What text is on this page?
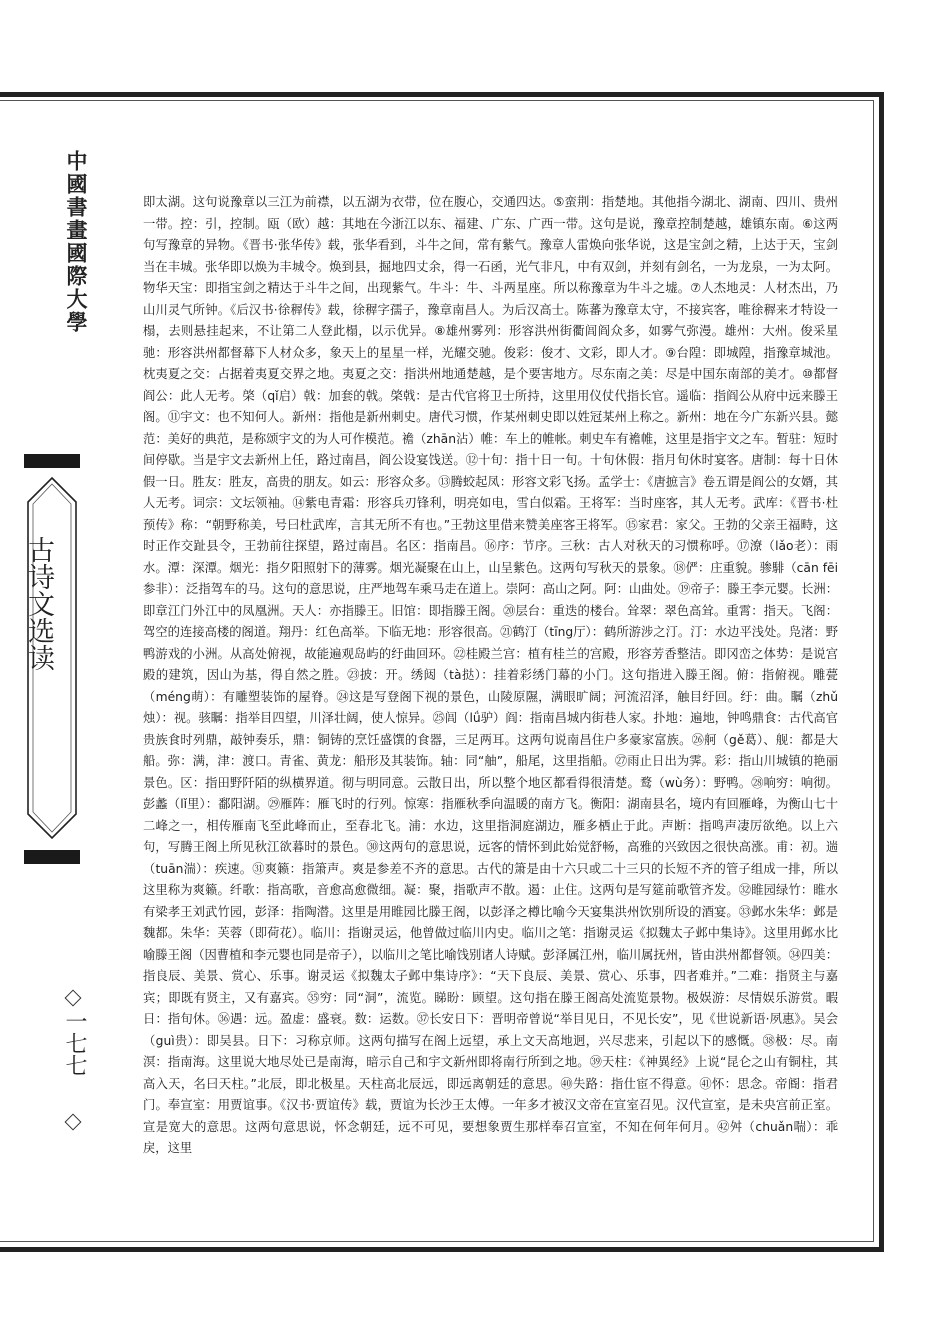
中國書畫國際大學
古诗文选读
一七七

即太湖。这句说豫章以三江为前襟，以五湖为衣带，位在腹心，交通四达。⑤蛮荆：指楚地。其他指今湖北、湖南、四川、贵州一带。控：引，控制。瓯（欧）越：其地在今浙江以东、福建、广东、广西一带。这句是说，豫章控制楚越，雄镇东南。⑥这两句写豫章的异物。《晋书·张华传》载，张华看到，斗牛之间，常有紫气。豫章人雷焕向张华说，这是宝剑之精，上达于天，宝剑当在丰城。张华即以焕为丰城令。焕到县，掘地四丈余，得一石函，光气非凡，中有双剑，并刻有剑名，一为龙泉，一为太阿。物华天宝：即指宝剑之精达于斗牛之间，出现紫气。牛斗：牛、斗两星座。所以称豫章为牛斗之墟。⑦人杰地灵：人材杰出，乃山川灵气所钟。《后汉书·徐稺传》载，徐稺字孺子，豫章南昌人。为后汉高士。陈蕃为豫章太守，不接宾客，唯徐稺来才特设一榻，去则悬挂起来，不让第二人登此榻，以示优异。⑧雄州雾列：形容洪州街衢闾阎众多，如雾气弥漫。雄州：大州。俊采星驰：形容洪州都督幕下人材众多，象天上的星星一样，光耀交驰。俊彩：俊才、文彩，即人才。⑨台隍：即城隍，指豫章城池。枕夷夏之交：占据着夷夏交界之地。夷夏之交：指洪州地通楚越，是个要害地方。尽东南之美：尽是中国东南部的美才。⑩都督阎公：此人无考。棨（qǐ启）戟：加套的戟。棨戟：是古代官将卫士所持，这里用仪仗代指长官。遥临：指阎公从府中远来滕王阁。⑪宇文：也不知何人。新州：指他是新州刺史。唐代习惯，作某州刺史即以姓冠某州上称之。新州：地在今广东新兴县。懿范：美好的典范，是称颂宇文的为人可作模范。襜（zhān沾）帷：车上的帷帐。刺史车有襜帷，这里是指宇文之车。暂驻：短时间停歇。当是宇文去新州上任，路过南昌，阎公设宴饯送。⑫十旬：指十日一旬。十旬休假：指月旬休时宴客。唐制：每十日休假一日。胜友：胜友，高贵的朋友。如云：形容众多。⑬腾蛟起凤：形容文彩飞扬。孟学士：《唐摭言》卷五谓是阎公的女婿，其人无考。词宗：文坛领袖。⑭紫电青霜：形容兵刃锋利，明亮如电，雪白似霜。王将军：当时座客，其人无考。武库：《晋书·杜预传》称：“朝野称美，号曰杜武库，言其无所不有也。”王勃这里借来赞美座客王将军。⑮家君：家父。王勃的父亲王福畤，这时正作交趾县令，王勃前往探望，路过南昌。名区：指南昌。⑯序：节序。三秋：古人对秋天的习惯称呼。⑰潦（lǎo老）：雨水。潭：深潭。烟光：指夕阳照射下的薄雾。烟光凝聚在山上，山呈紫色。这两句写秋天的景象。⑱俨：庄重貌。骖騑（cān fēi参非）：泛指驾车的马。这句的意思说，庄严地驾车乘马走在道上。崇阿：高山之阿。阿：山曲处。⑲帝子：滕王李元婴。长洲：即章江门外江中的凤凰洲。天人：亦指滕王。旧馆：即指滕王阁。⑳层台：重迭的楼台。耸翠：翠色高耸。重霄：指天。飞阁：驾空的连接高楼的阁道。翔丹：红色高举。下临无地：形容很高。㉑鹤汀（tīng厅）：鹤所游涉之汀。汀：水边平浅处。凫渚：野鸭游戏的小洲。从高处俯视，故能遍观岛屿的纡曲回环。㉒桂殿兰宫：植有桂兰的宫殿，形容芳香整洁。即冈峦之体势：是说宫殿的建筑，因山为基，得自然之胜。㉓披：开。绣闼（tà挞）：挂着彩绣门幕的小门。这句指进入滕王阁。俯：指俯视。雕甍（méng萌）：有雕塑装饰的屋脊。㉔这是写登阁下视的景色，山陵原隰，满眼旷阔；河流沼泽，触目纡回。纡：曲。瞩（zhǔ烛）：视。骇瞩：指举目四望，川泽壮阔，使人惊异。㉕闾（lǘ驴）阎：指南昌城内街巷人家。扑地：遍地，钟鸣鼎食：古代高官贵族食时列鼎，敲钟奏乐，鼎：铜铸的烹饪盛馔的食器，三足两耳。这两句说南昌住户多豪家富族。㉖舸（gě葛）、舰：都是大船。弥：满，津：渡口。青雀、黄龙：船形及其装饰。轴：同“舳”，船尾，这里指船。㉗雨止日出为霁。彩：指山川城镇的艳丽景色。区：指田野阡陌的纵横界道。彻与明同意。云散日出，所以整个地区都看得很清楚。鹜（wù务）：野鸭。㉘响穷：响彻。彭蠡（lǐ里）：鄱阳湖。㉙雁阵：雁飞时的行列。惊寒：指雁秋季向温暖的南方飞。衡阳：湖南县名，境内有回雁峰，为衡山七十二峰之一，相传雁南飞至此峰而止，至春北飞。浦：水边，这里指洞庭湖边，雁多栖止于此。声断：指鸣声凄厉欲绝。以上六句，写腾王阁上所见秋江欲暮时的景色。㉚这两句的意思说，远客的情怀到此始觉舒畅，高雅的兴致因之很快高涨。甫：初。遄（tuān湍）：疾速。㉛爽籁：指箫声。爽是参差不齐的意思。古代的箫是由十六只或二十三只的长短不齐的管子组成一排，所以这里称为爽籁。纤歌：指高歌，音愈高愈微细。凝：聚，指歌声不散。遏：止住。这两句是写筵前歌管齐发。㉜睢园绿竹：睢水有梁孝王刘武竹园，彭泽：指陶潜。这里是用睢园比滕王阁，以彭泽之樽比喻今天宴集洪州饮别所设的酒宴。㉝邺水朱华：邺是魏都。朱华：芙蓉（即荷花）。临川：指谢灵运，他曾做过临川内史。临川之笔：指谢灵运《拟魏太子邺中集诗》。这里用邺水比喻滕王阁（因曹植和李元婴也同是帝子），以临川之笔比喻饯别诸人诗赋。彭泽属江州，临川属抚州，皆由洪州都督领。㉞四美：指良辰、美景、赏心、乐事。谢灵运《拟魏太子邺中集诗序》：“天下良辰、美景、赏心、乐事，四者难并。”二难：指贤主与嘉宾；即既有贤主，又有嘉宾。㉟穷：同“洞”，流览。睇盼：顾望。这句指在滕王阁高处流览景物。极娱游：尽情娱乐游赏。暇日：指旬休。㊱遇：远。盈虚：盛衰。数：运数。㊲长安日下：晋明帝曾说“举目见日，不见长安”，见《世说新语·夙惠》。吴会（guì贵）：即吴县。日下：习称京师。这两句描写在阁上远望，承上文天高地迥，兴尽悲来，引起以下的感慨。㊳极：尽。南溟：指南海。这里说大地尽处已是南海，暗示自己和宇文新州即将南行所到之地。㊴天柱：《神異经》上说“昆仑之山有铜柱，其高入天，名曰天柱。”北辰，即北极星。天柱高北辰远，即远离朝廷的意思。㊵失路：指仕宦不得意。㊶怀：思念。帝阍：指君门。奉宣室：用贾谊事。《汉书·贾谊传》载，贾谊为长沙王太傅。一年多才被汉文帝在宣室召见。汉代宣室，是未央宫前正室。宣是宽大的意思。这两句意思说，怀念朝廷，远不可见，要想象贾生那样奉召宣室，不知在何年何月。㊷舛（chuǎn喘）：乖戾，这里
